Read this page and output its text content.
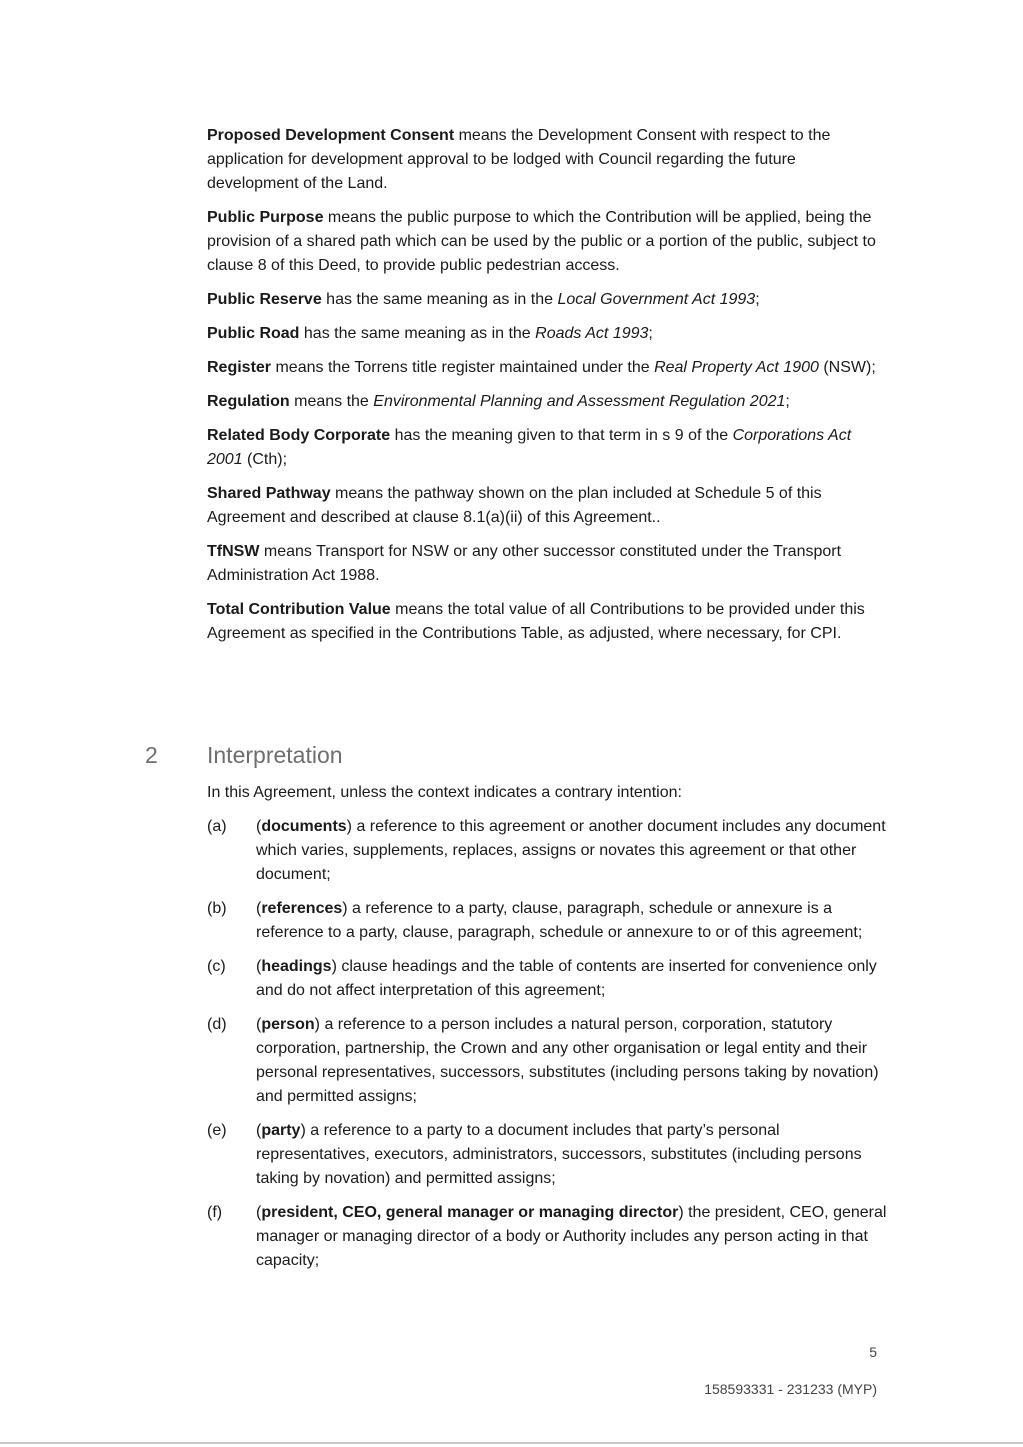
Proposed Development Consent means the Development Consent with respect to the application for development approval to be lodged with Council regarding the future development of the Land.

Public Purpose means the public purpose to which the Contribution will be applied, being the provision of a shared path which can be used by the public or a portion of the public, subject to clause 8 of this Deed, to provide public pedestrian access.

Public Reserve has the same meaning as in the Local Government Act 1993;

Public Road has the same meaning as in the Roads Act 1993;

Register means the Torrens title register maintained under the Real Property Act 1900 (NSW);

Regulation means the Environmental Planning and Assessment Regulation 2021;

Related Body Corporate has the meaning given to that term in s 9 of the Corporations Act 2001 (Cth);

Shared Pathway means the pathway shown on the plan included at Schedule 5 of this Agreement and described at clause 8.1(a)(ii) of this Agreement..

TfNSW means Transport for NSW or any other successor constituted under the Transport Administration Act 1988.

Total Contribution Value means the total value of all Contributions to be provided under this Agreement as specified in the Contributions Table, as adjusted, where necessary, for CPI.

2 Interpretation

In this Agreement, unless the context indicates a contrary intention:

(a)	(documents) a reference to this agreement or another document includes any document which varies, supplements, replaces, assigns or novates this agreement or that other document;
(b)	(references) a reference to a party, clause, paragraph, schedule or annexure is a reference to a party, clause, paragraph, schedule or annexure to or of this agreement;
(c)	(headings) clause headings and the table of contents are inserted for convenience only and do not affect interpretation of this agreement;
(d)	(person) a reference to a person includes a natural person, corporation, statutory corporation, partnership, the Crown and any other organisation or legal entity and their personal representatives, successors, substitutes (including persons taking by novation) and permitted assigns;
(e)	(party) a reference to a party to a document includes that party’s personal representatives, executors, administrators, successors, substitutes (including persons taking by novation) and permitted assigns;
(f)	(president, CEO, general manager or managing director) the president, CEO, general manager or managing director of a body or Authority includes any person acting in that capacity;
5
158593331 - 231233 (MYP)
